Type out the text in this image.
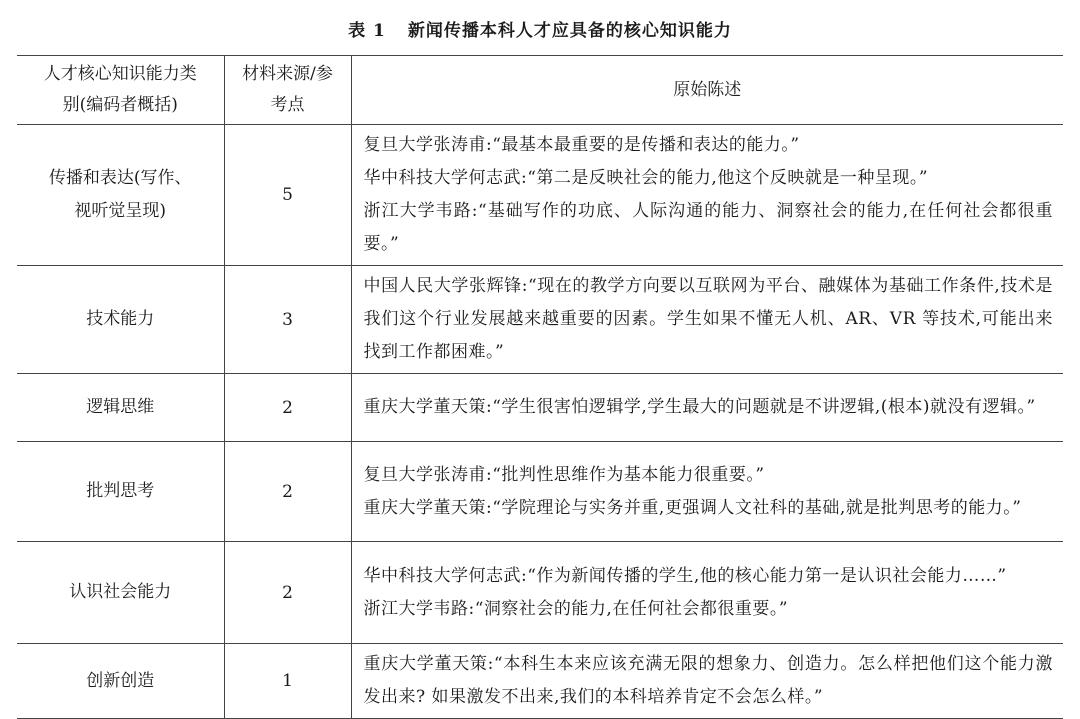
表 1 新闻传播本科人才应具备的核心知识能力
人才核心知识能力类别(编码者概括)	材料来源/参考点	原始陈述
传播和表达(写作、视听觉呈现)	5	复旦大学张涛甫:“最基本最重要的是传播和表达的能力。”
华中科技大学何志武:“第二是反映社会的能力,他这个反映就是一种呈现。”
浙江大学韦路:“基础写作的功底、人际沟通的能力、洞察社会的能力,在任何社会都很重要。”

技术能力	3	中国人民大学张辉锋:“现在的教学方向要以互联网为平台、融媒体为基础工作条件,技术是我们这个行业发展越来越重要的因素。学生如果不懂无人机、AR、VR 等技术,可能出来找到工作都困难。”

逻辑思维	2	重庆大学董天策:“学生很害怕逻辑学,学生最大的问题就是不讲逻辑,(根本)就没有逻辑。”

批判思考	2	复旦大学张涛甫:“批判性思维作为基本能力很重要。”
重庆大学董天策:“学院理论与实务并重,更强调人文社科的基础,就是批判思考的能力。”

认识社会能力	2	华中科技大学何志武:“作为新闻传播的学生,他的核心能力第一是认识社会能力……”
浙江大学韦路:“洞察社会的能力,在任何社会都很重要。”

创新创造	1	重庆大学董天策:“本科生本来应该充满无限的想象力、创造力。怎么样把他们这个能力激发出来? 如果激发不出来,我们的本科培养肯定不会怎么样。”
